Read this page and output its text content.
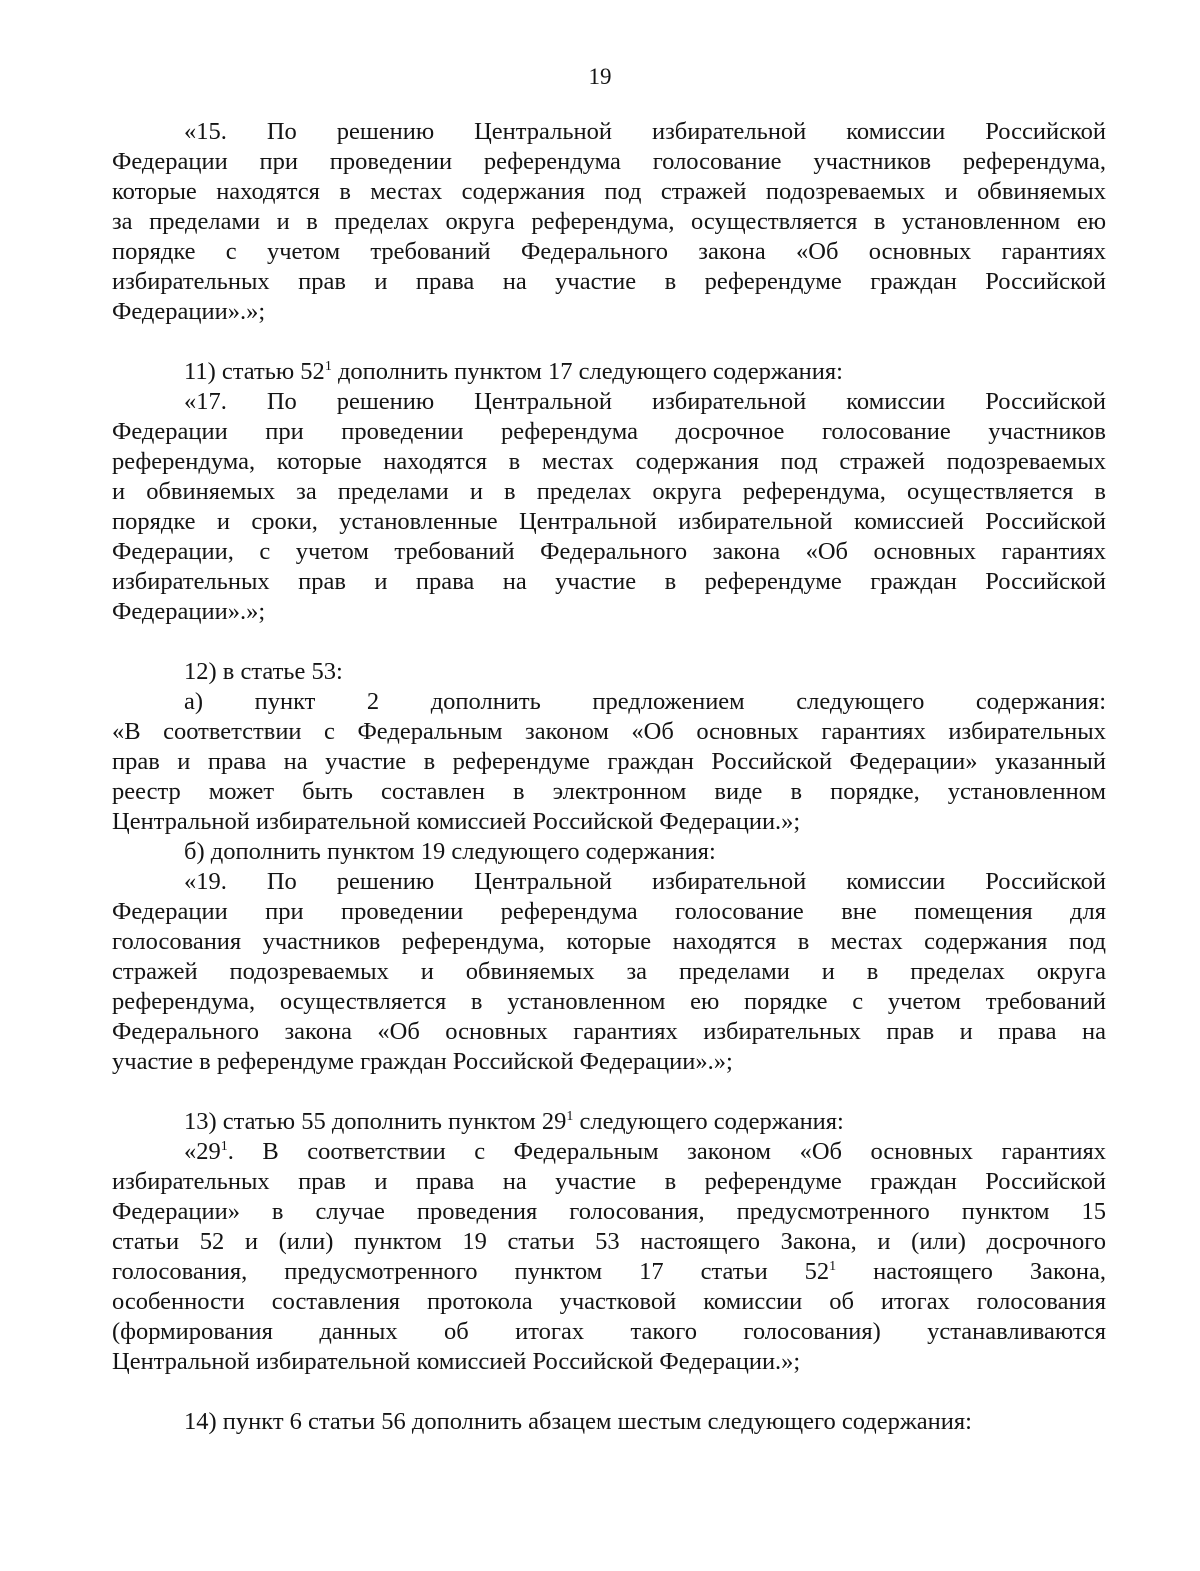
19
«15. По решению Центральной избирательной комиссии Российской
Федерации при проведении референдума голосование участников референдума,
которые находятся в местах содержания под стражей подозреваемых и обвиняемых
за пределами и в пределах округа референдума, осуществляется в установленном ею
порядке с учетом требований Федерального закона «Об основных гарантиях
избирательных прав и права на участие в референдуме граждан Российской
Федерации».»;
11) статью $52^1$ дополнить пунктом 17 следующего содержания:
«17. По решению Центральной избирательной комиссии Российской
Федерации при проведении референдума досрочное голосование участников
референдума, которые находятся в местах содержания под стражей подозреваемых
и обвиняемых за пределами и в пределах округа референдума, осуществляется в
порядке и сроки, установленные Центральной избирательной комиссией Российской
Федерации, с учетом требований Федерального закона «Об основных гарантиях
избирательных прав и права на участие в референдуме граждан Российской
Федерации».»;
12) в статье 53:
а) пункт 2 дополнить предложением следующего содержания:
«В соответствии с Федеральным законом «Об основных гарантиях избирательных
прав и права на участие в референдуме граждан Российской Федерации» указанный
реестр может быть составлен в электронном виде в порядке, установленном
Центральной избирательной комиссией Российской Федерации.»;
б) дополнить пунктом 19 следующего содержания:
«19. По решению Центральной избирательной комиссии Российской
Федерации при проведении референдума голосование вне помещения для
голосования участников референдума, которые находятся в местах содержания под
стражей подозреваемых и обвиняемых за пределами и в пределах округа
референдума, осуществляется в установленном ею порядке с учетом требований
Федерального закона «Об основных гарантиях избирательных прав и права на
участие в референдуме граждан Российской Федерации».»;
13) статью 55 дополнить пунктом $29^1$ следующего содержания:
«$29^1$. В соответствии с Федеральным законом «Об основных гарантиях
избирательных прав и права на участие в референдуме граждан Российской
Федерации» в случае проведения голосования, предусмотренного пунктом 15
статьи 52 и (или) пунктом 19 статьи 53 настоящего Закона, и (или) досрочного
голосования, предусмотренного пунктом 17 статьи $52^1$ настоящего Закона,
особенности составления протокола участковой комиссии об итогах голосования
(формирования данных об итогах такого голосования) устанавливаются
Центральной избирательной комиссией Российской Федерации.»;
14) пункт 6 статьи 56 дополнить абзацем шестым следующего содержания:
